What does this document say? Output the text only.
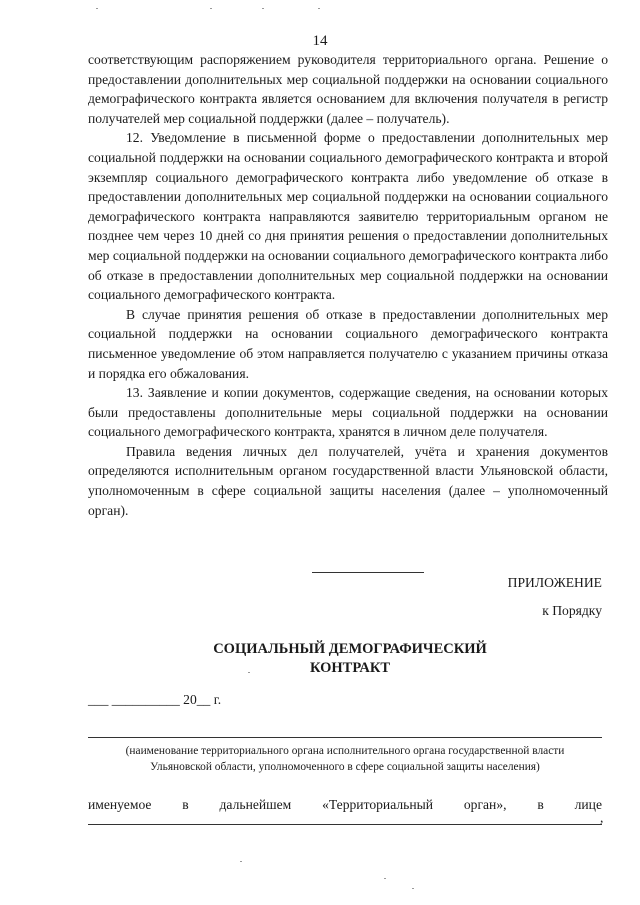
14

соответствующим распоряжением руководителя территориального органа. Решение о предоставлении дополнительных мер социальной поддержки на основании социального демографического контракта является основанием для включения получателя в регистр получателей мер социальной поддержки (далее – получатель).

12. Уведомление в письменной форме о предоставлении дополнительных мер социальной поддержки на основании социального демографического контракта и второй экземпляр социального демографического контракта либо уведомление об отказе в предоставлении дополнительных мер социальной поддержки на основании социального демографического контракта направляются заявителю территориальным органом не позднее чем через 10 дней со дня принятия решения о предоставлении дополнительных мер социальной поддержки на основании социального демографического контракта либо об отказе в предоставлении дополнительных мер социальной поддержки на основании социального демографического контракта.

В случае принятия решения об отказе в предоставлении дополнительных мер социальной поддержки на основании социального демографического контракта письменное уведомление об этом направляется получателю с указанием причины отказа и порядка его обжалования.

13. Заявление и копии документов, содержащие сведения, на основании которых были предоставлены дополнительные меры социальной поддержки на основании социального демографического контракта, хранятся в личном деле получателя.

Правила ведения личных дел получателей, учёта и хранения документов определяются исполнительным органом государственной власти Ульяновской области, уполномоченным в сфере социальной защиты населения (далее – уполномоченный орган).

ПРИЛОЖЕНИЕ
к Порядку
СОЦИАЛЬНЫЙ ДЕМОГРАФИЧЕСКИЙ
КОНТРАКТ
___ __________ 20__ г.
(наименование территориального органа исполнительного органа государственной власти
Ульяновской области, уполномоченного в сфере социальной защиты населения)
именуемое в дальнейшем «Территориальный орган», в лице
,
